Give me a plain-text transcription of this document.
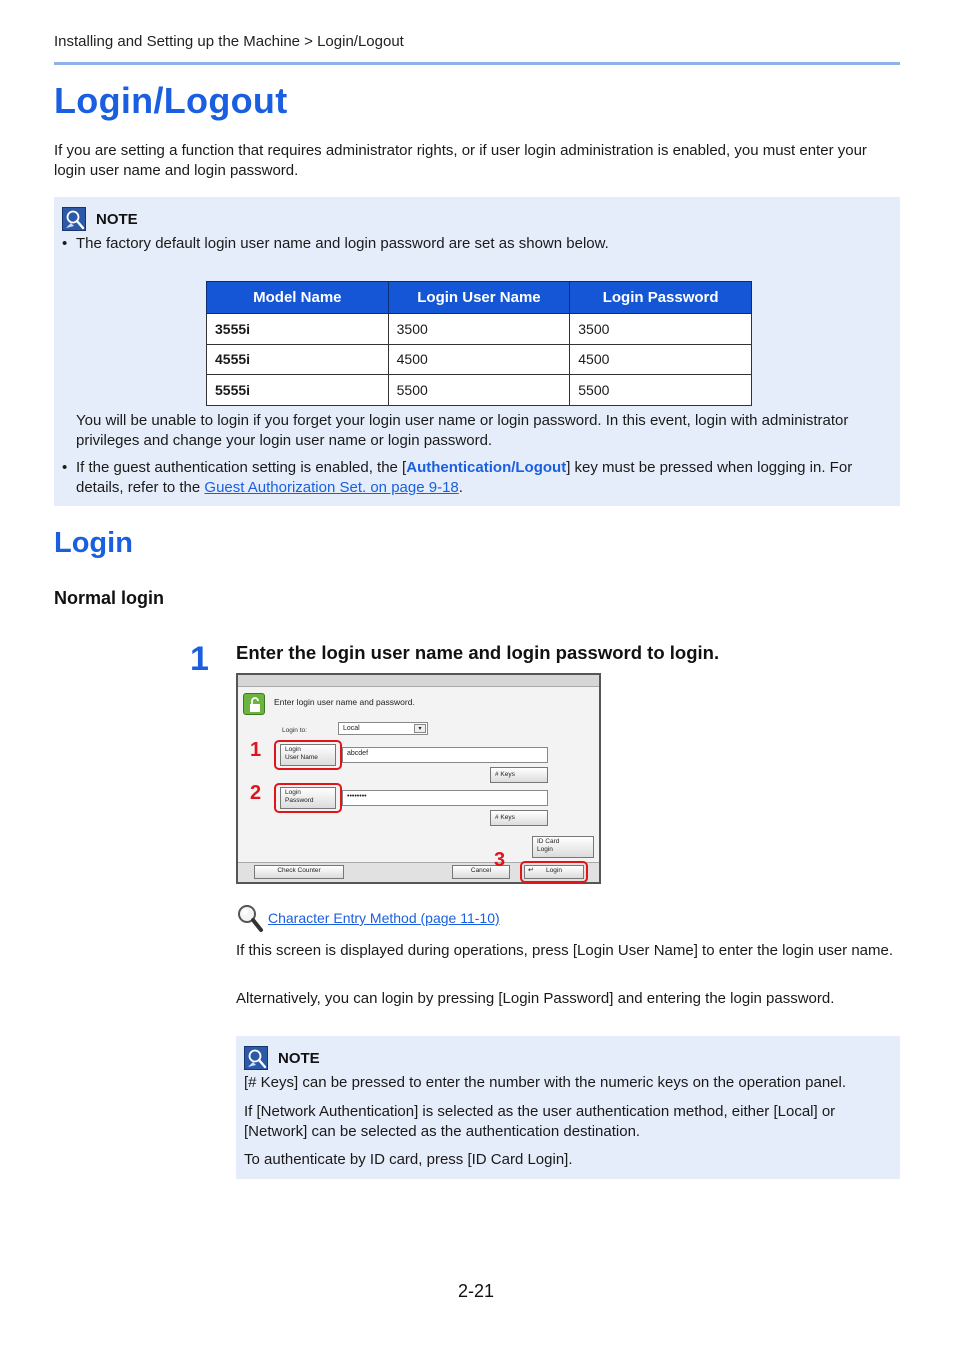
Installing and Setting up the Machine > Login/Logout
Login/Logout

If you are setting a function that requires administrator rights, or if user login administration is enabled, you must enter your login user name and login password.

NOTE
• The factory default login user name and login password are set as shown below.
You will be unable to login if you forget your login user name or login password. In this event, login with administrator privileges and change your login user name or login password.
• If the guest authentication setting is enabled, the [Authentication/Logout] key must be pressed when logging in. For details, refer to the Guest Authorization Set. on page 9-18.
Model Name	Login User Name	Login Password
3555i	3500	3500
4555i	4500	4500
5555i	5500	5500
Login
Normal login
1 Enter the login user name and login password to login.
Enter login user name and password.
Login to:	Local	▾
Login
User Name
abcdef
# Keys
Login
Password
••••••••
# Keys
ID Card
Login
Check Counter	Cancel	↵ Login
1
2
3
Character Entry Method (page 11-10)

If this screen is displayed during operations, press [Login User Name] to enter the login user name.

Alternatively, you can login by pressing [Login Password] and entering the login password.

NOTE
[# Keys] can be pressed to enter the number with the numeric keys on the operation panel.
If [Network Authentication] is selected as the user authentication method, either [Local] or [Network] can be selected as the authentication destination.
To authenticate by ID card, press [ID Card Login].
2-21
